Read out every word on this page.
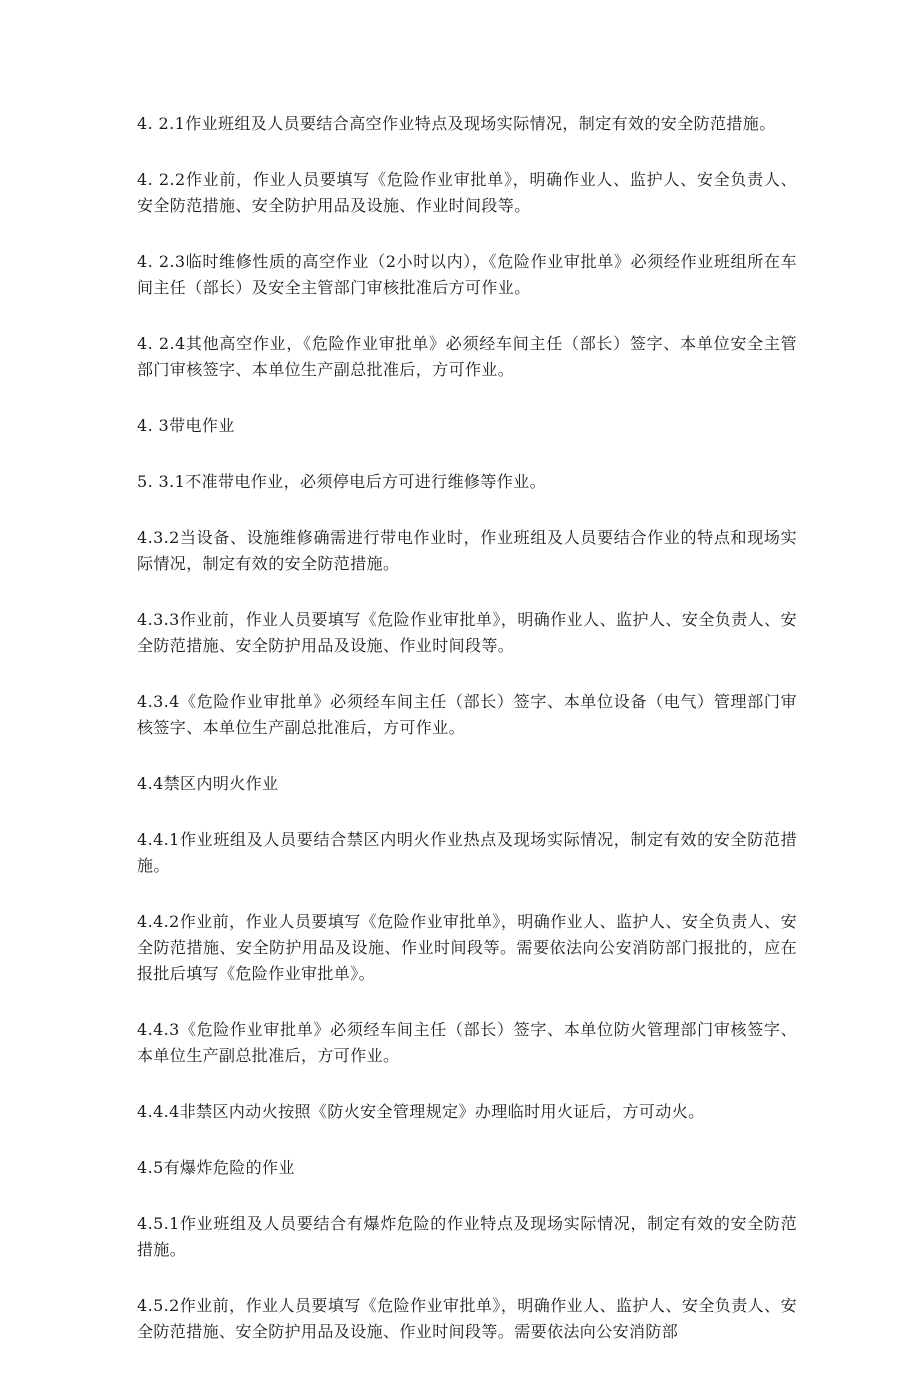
4. 2.1作业班组及人员要结合高空作业特点及现场实际情况，制定有效的安全防范措施。

4. 2.2作业前，作业人员要填写《危险作业审批单》，明确作业人、监护人、安全负责人、安全防范措施、安全防护用品及设施、作业时间段等。

4. 2.3临时维修性质的高空作业（2小时以内），《危险作业审批单》必须经作业班组所在车间主任（部长）及安全主管部门审核批准后方可作业。

4. 2.4其他高空作业，《危险作业审批单》必须经车间主任（部长）签字、本单位安全主管部门审核签字、本单位生产副总批准后，方可作业。

4. 3带电作业

5. 3.1不准带电作业，必须停电后方可进行维修等作业。

4.3.2当设备、设施维修确需进行带电作业时，作业班组及人员要结合作业的特点和现场实际情况，制定有效的安全防范措施。

4.3.3作业前，作业人员要填写《危险作业审批单》，明确作业人、监护人、安全负责人、安全防范措施、安全防护用品及设施、作业时间段等。

4.3.4《危险作业审批单》必须经车间主任（部长）签字、本单位设备（电气）管理部门审核签字、本单位生产副总批准后，方可作业。

4.4禁区内明火作业

4.4.1作业班组及人员要结合禁区内明火作业热点及现场实际情况，制定有效的安全防范措施。

4.4.2作业前，作业人员要填写《危险作业审批单》，明确作业人、监护人、安全负责人、安全防范措施、安全防护用品及设施、作业时间段等。需要依法向公安消防部门报批的，应在报批后填写《危险作业审批单》。

4.4.3《危险作业审批单》必须经车间主任（部长）签字、本单位防火管理部门审核签字、本单位生产副总批准后，方可作业。

4.4.4非禁区内动火按照《防火安全管理规定》办理临时用火证后，方可动火。

4.5有爆炸危险的作业

4.5.1作业班组及人员要结合有爆炸危险的作业特点及现场实际情况，制定有效的安全防范措施。

4.5.2作业前，作业人员要填写《危险作业审批单》，明确作业人、监护人、安全负责人、安全防范措施、安全防护用品及设施、作业时间段等。需要依法向公安消防部
